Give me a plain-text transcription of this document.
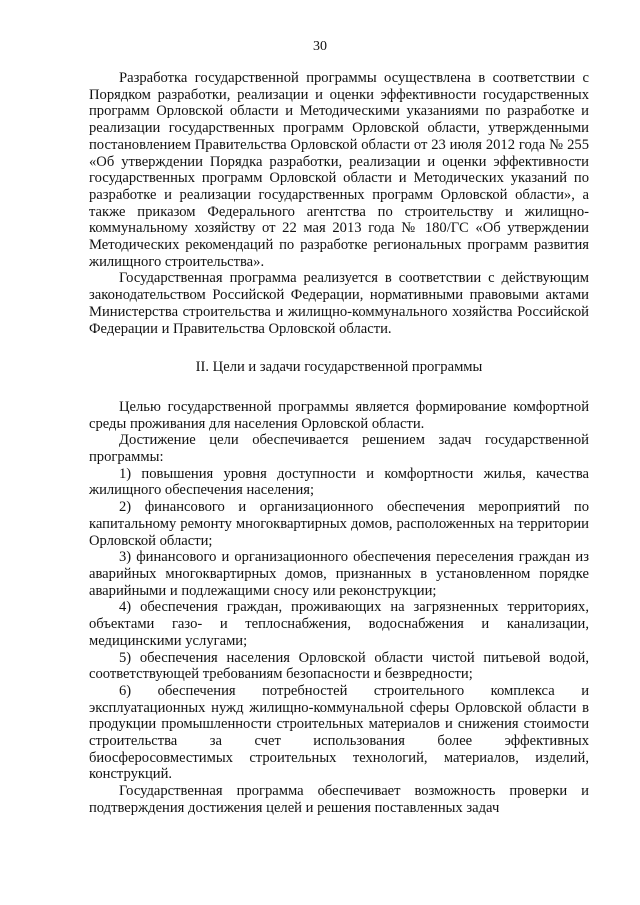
30

Разработка государственной программы осуществлена в соответствии с Порядком разработки, реализации и оценки эффективности государственных программ Орловской области и Методическими указаниями по разработке и реализации государственных программ Орловской области, утвержденными постановлением Правительства Орловской области от 23 июля 2012 года № 255 «Об утверждении Порядка разработки, реализации и оценки эффективности государственных программ Орловской области и Методических указаний по разработке и реализации государственных программ Орловской области», а также приказом Федерального агентства по строительству и жилищно-коммунальному хозяйству от 22 мая 2013 года № 180/ГС «Об утверждении Методических рекомендаций по разработке региональных программ развития жилищного строительства».

Государственная программа реализуется в соответствии с действующим законодательством Российской Федерации, нормативными правовыми актами Министерства строительства и жилищно-коммунального хозяйства Российской Федерации и Правительства Орловской области.

II. Цели и задачи государственной программы

Целью государственной программы является формирование комфортной среды проживания для населения Орловской области.

Достижение цели обеспечивается решением задач государственной программы:

1) повышения уровня доступности и комфортности жилья, качества жилищного обеспечения населения;

2) финансового и организационного обеспечения мероприятий по капитальному ремонту многоквартирных домов, расположенных на территории Орловской области;

3) финансового и организационного обеспечения переселения граждан из аварийных многоквартирных домов, признанных в установленном порядке аварийными и подлежащими сносу или реконструкции;

4) обеспечения граждан, проживающих на загрязненных территориях, объектами газо- и теплоснабжения, водоснабжения и канализации, медицинскими услугами;

5) обеспечения населения Орловской области чистой питьевой водой, соответствующей требованиям безопасности и безвредности;

6) обеспечения потребностей строительного комплекса и эксплуатационных нужд жилищно-коммунальной сферы Орловской области в продукции промышленности строительных материалов и снижения стоимости строительства за счет использования более эффективных биосферосовместимых строительных технологий, материалов, изделий, конструкций.

Государственная программа обеспечивает возможность проверки и подтверждения достижения целей и решения поставленных задач
